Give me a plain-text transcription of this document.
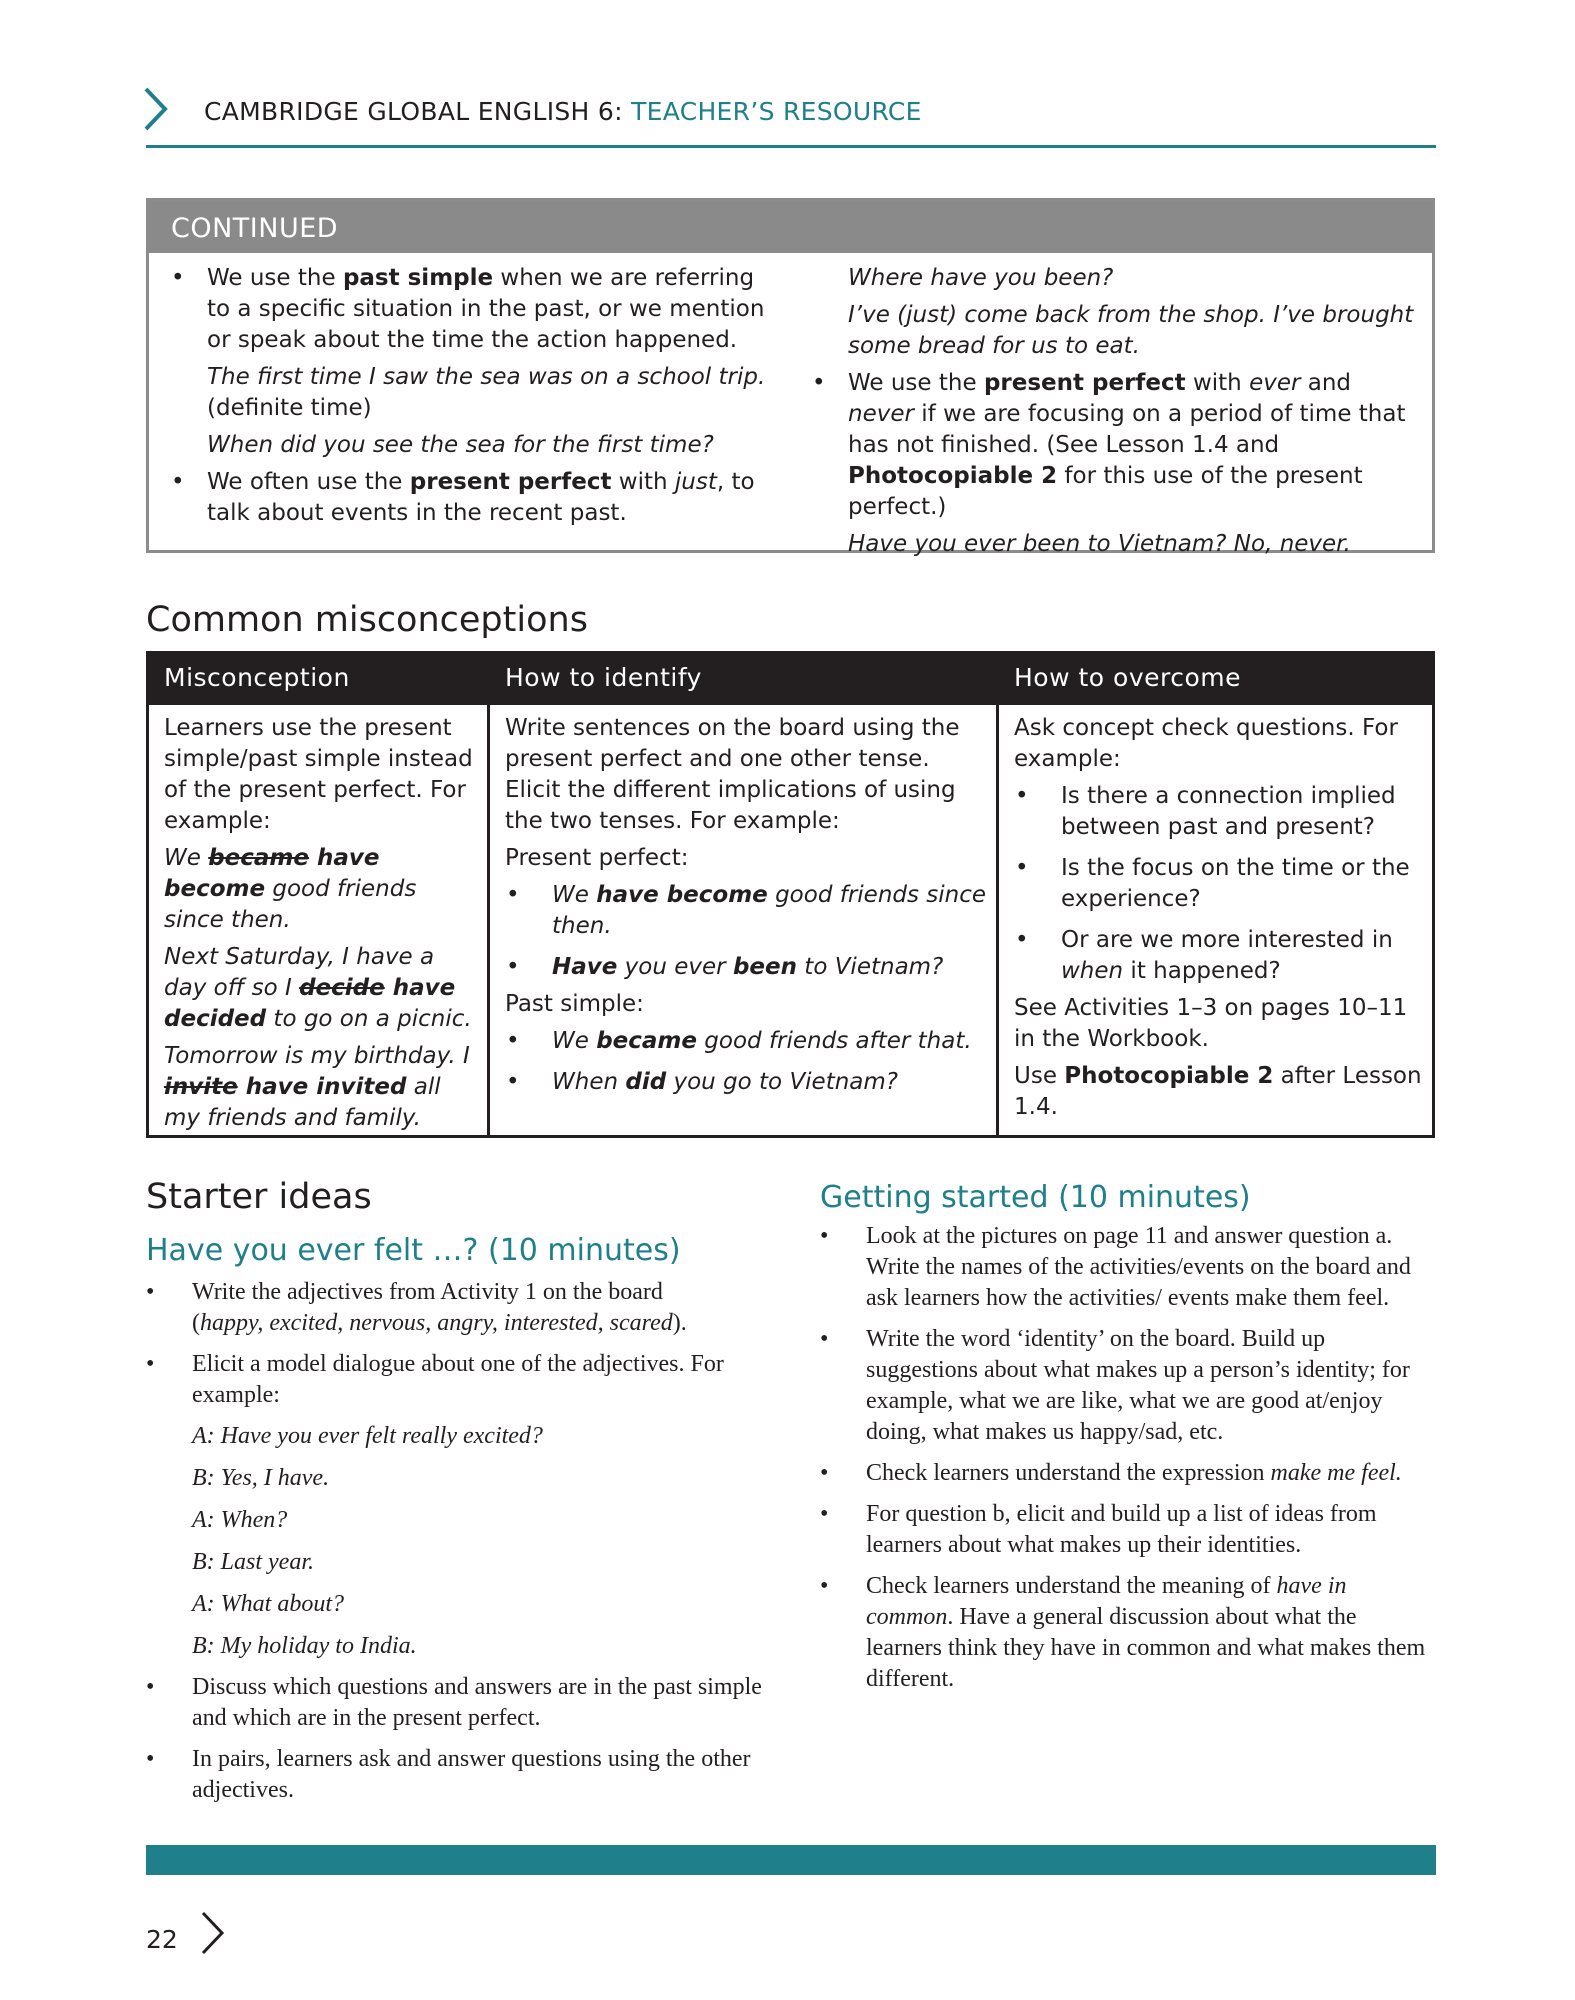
CAMBRIDGE GLOBAL ENGLISH 6: TEACHER’S RESOURCE
CONTINUED

• We use the past simple when we are referring to a specific situation in the past, or we mention or speak about the time the action happened.

The first time I saw the sea was on a school trip.
(definite time)

When did you see the sea for the first time?

• We often use the present perfect with just, to talk about events in the recent past.

Where have you been?

I’ve (just) come back from the shop. I’ve brought some bread for us to eat.

• We use the present perfect with ever and never if we are focusing on a period of time that has not finished. (See Lesson 1.4 and Photocopiable 2 for this use of the present perfect.)

Have you ever been to Vietnam? No, never.

Common misconceptions
Misconception	How to identify	How to overcome

Learners use the present simple/past simple instead of the present perfect. For example:

We became have become good friends since then.

Next Saturday, I have a day off so I decide have decided to go on a picnic.

Tomorrow is my birthday. I invite have invited all my friends and family.

Write sentences on the board using the present perfect and one other tense. Elicit the different implications of using the two tenses. For example:

Present perfect:

• We have become good friends since then.

• Have you ever been to Vietnam?

Past simple:

• We became good friends after that.

• When did you go to Vietnam?

Ask concept check questions. For example:

• Is there a connection implied between past and present?

• Is the focus on the time or the experience?

• Or are we more interested in when it happened?

See Activities 1–3 on pages 10–11 in the Workbook.

Use Photocopiable 2 after Lesson 1.4.

Starter ideas
Have you ever felt …? (10 minutes)

• Write the adjectives from Activity 1 on the board
(happy, excited, nervous, angry, interested, scared).

• Elicit a model dialogue about one of the adjectives. For example:

A: Have you ever felt really excited?

B: Yes, I have.

A: When?

B: Last year.

A: What about?

B: My holiday to India.

• Discuss which questions and answers are in the past simple and which are in the present perfect.

• In pairs, learners ask and answer questions using the other adjectives.

Getting started (10 minutes)

• Look at the pictures on page 11 and answer question a. Write the names of the activities/events on the board and ask learners how the activities/ events make them feel.

• Write the word ‘identity’ on the board. Build up suggestions about what makes up a person’s identity; for example, what we are like, what we are good at/enjoy doing, what makes us happy/sad, etc.

• Check learners understand the expression make me feel.

• For question b, elicit and build up a list of ideas from learners about what makes up their identities.

• Check learners understand the meaning of have in common. Have a general discussion about what the learners think they have in common and what makes them different.

22
